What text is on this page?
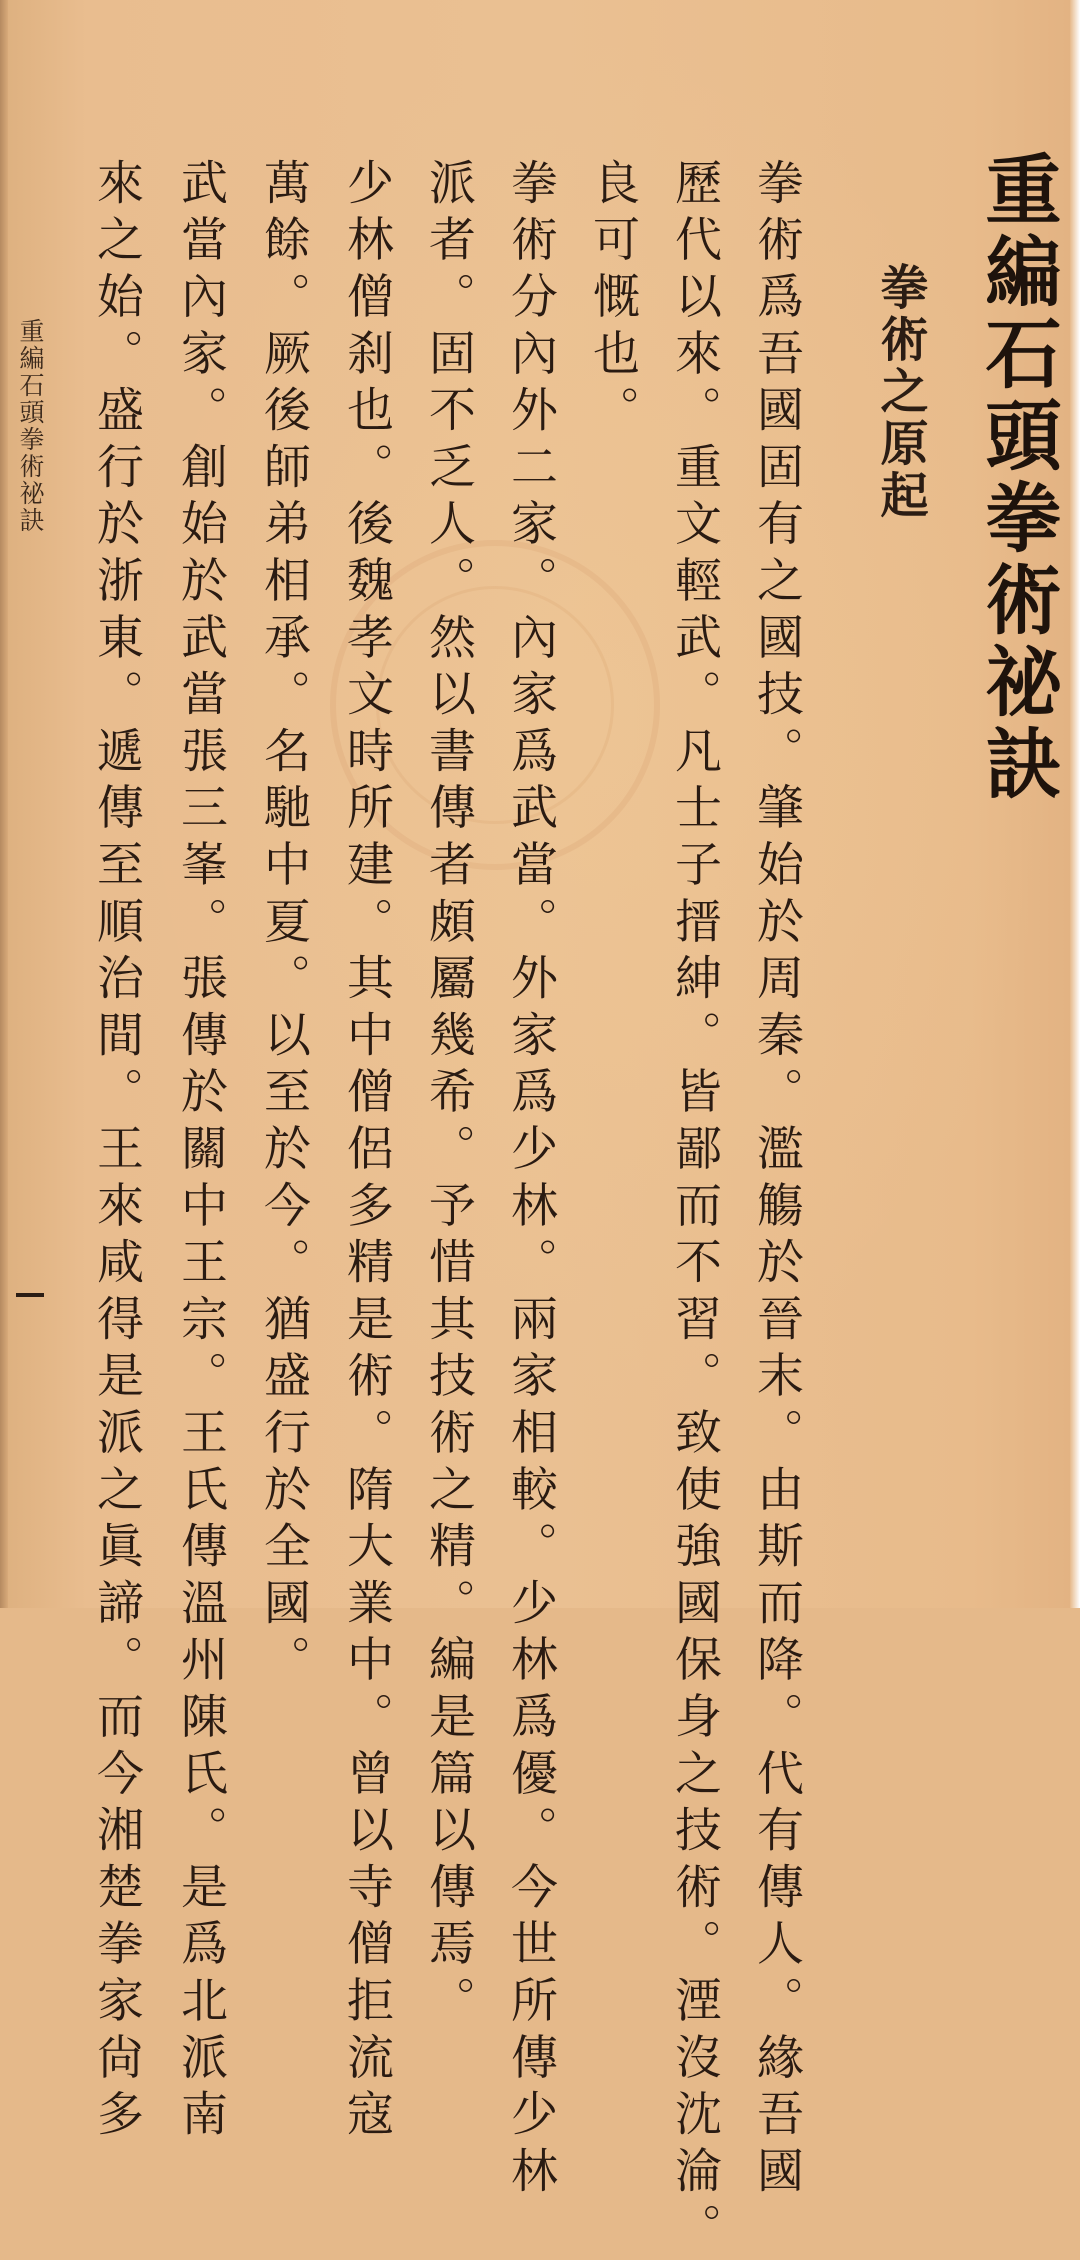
重編石頭拳術祕訣
拳術之原起

拳術爲吾國固有之國技。肇始於周秦。濫觴於晉末。由斯而降。代有傳人。緣吾國

歷代以來。重文輕武。凡士子搢紳。皆鄙而不習。致使強國保身之技術。湮沒沈淪。

良可慨也。

拳術分內外二家。內家爲武當。外家爲少林。兩家相較。少林爲優。今世所傳少林

派者。固不乏人。然以書傳者頗屬幾希。予惜其技術之精。編是篇以傳焉。

少林僧刹也。後魏孝文時所建。其中僧侶多精是術。隋大業中。曾以寺僧拒流寇

萬餘。厥後師弟相承。名馳中夏。以至於今。猶盛行於全國。

武當內家。創始於武當張三峯。張傳於關中王宗。王氏傳溫州陳氏。是爲北派南

來之始。盛行於浙東。遞傳至順治間。王來咸得是派之眞諦。而今湘楚拳家尙多

重編石頭拳術祕訣
